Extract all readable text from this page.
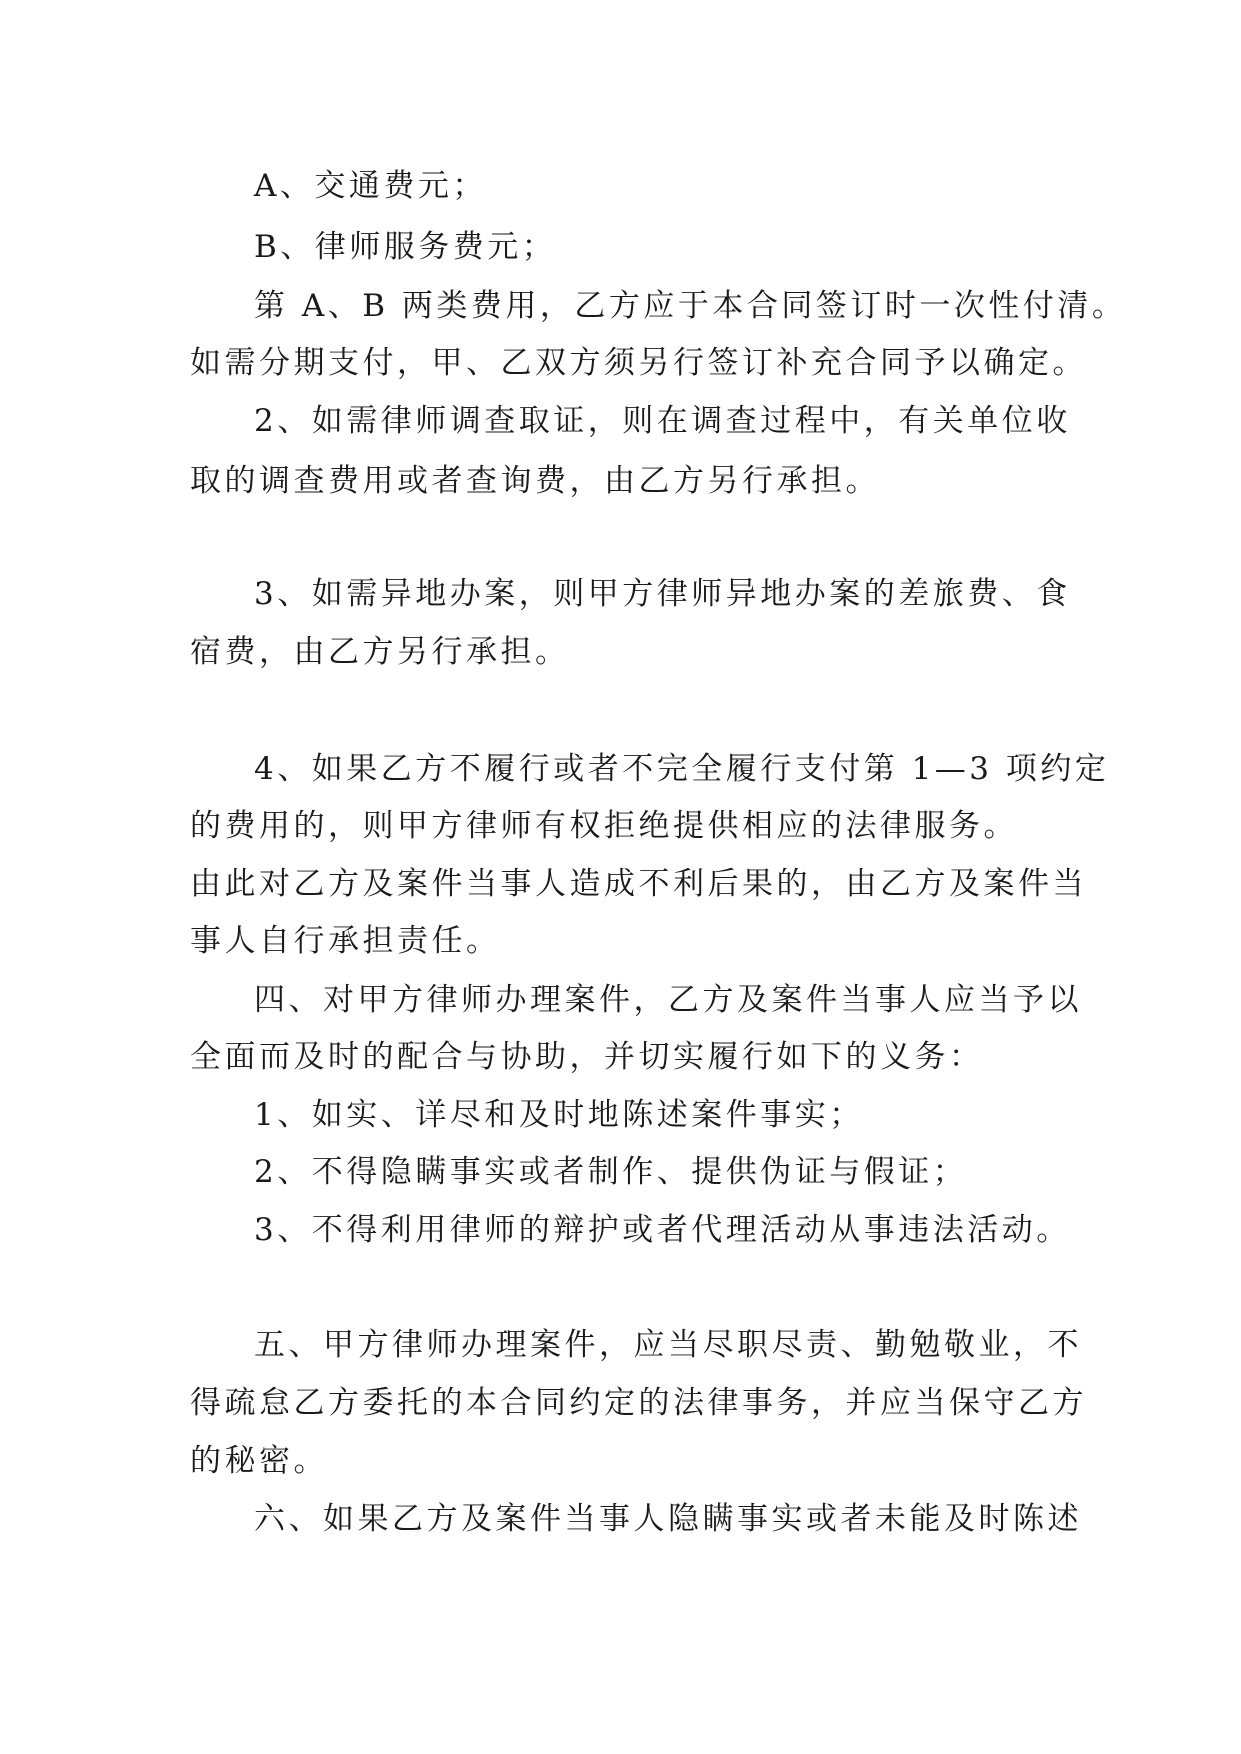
A、交通费元；
B、律师服务费元；
第 A、B 两类费用，乙方应于本合同签订时一次性付清。
如需分期支付，甲、乙双方须另行签订补充合同予以确定。
2、如需律师调查取证，则在调查过程中，有关单位收
取的调查费用或者查询费，由乙方另行承担。
3、如需异地办案，则甲方律师异地办案的差旅费、食
宿费，由乙方另行承担。
4、如果乙方不履行或者不完全履行支付第 1—3 项约定
的费用的，则甲方律师有权拒绝提供相应的法律服务。
由此对乙方及案件当事人造成不利后果的，由乙方及案件当
事人自行承担责任。
四、对甲方律师办理案件，乙方及案件当事人应当予以
全面而及时的配合与协助，并切实履行如下的义务：
1、如实、详尽和及时地陈述案件事实；
2、不得隐瞒事实或者制作、提供伪证与假证；
3、不得利用律师的辩护或者代理活动从事违法活动。
五、甲方律师办理案件，应当尽职尽责、勤勉敬业，不
得疏怠乙方委托的本合同约定的法律事务，并应当保守乙方
的秘密。
六、如果乙方及案件当事人隐瞒事实或者未能及时陈述
